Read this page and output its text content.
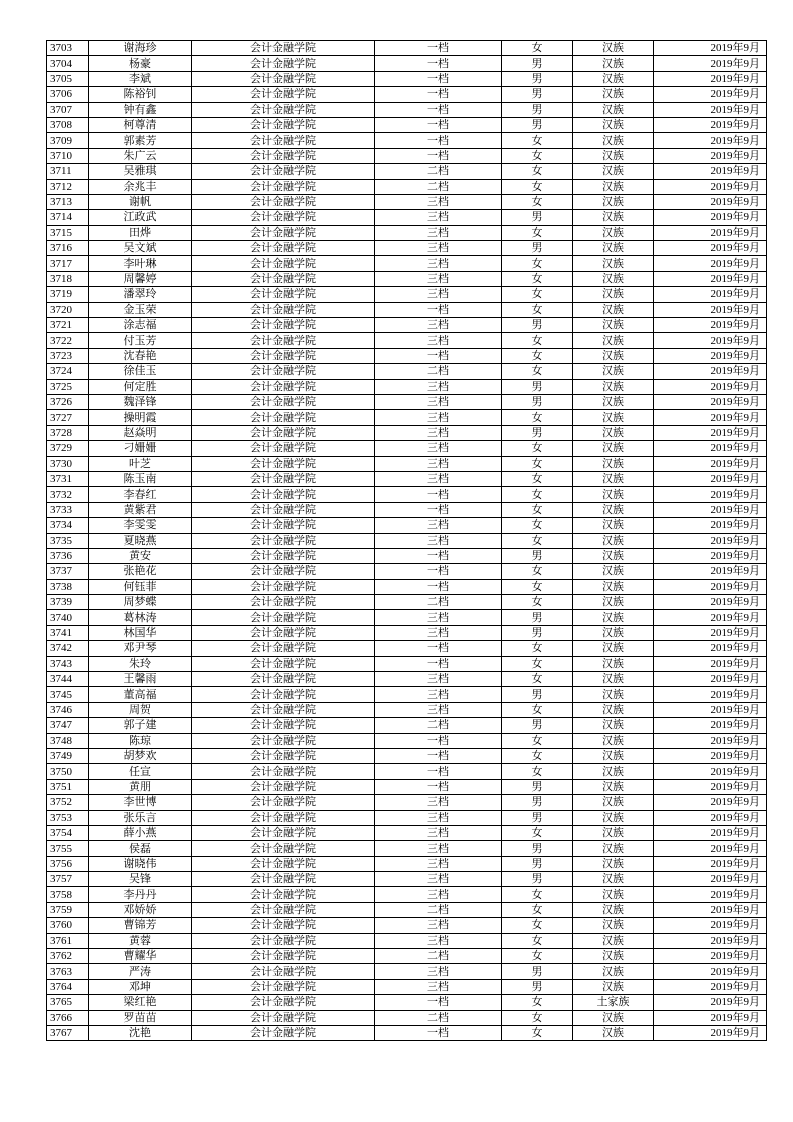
3703	谢海珍	会计金融学院	一档	女	汉族	2019年9月
3704	杨豪	会计金融学院	一档	男	汉族	2019年9月
3705	李斌	会计金融学院	一档	男	汉族	2019年9月
3706	陈裕钊	会计金融学院	一档	男	汉族	2019年9月
3707	钟有鑫	会计金融学院	一档	男	汉族	2019年9月
3708	柯尊清	会计金融学院	一档	男	汉族	2019年9月
3709	郭素芳	会计金融学院	一档	女	汉族	2019年9月
3710	朱广云	会计金融学院	一档	女	汉族	2019年9月
3711	吴雅琪	会计金融学院	二档	女	汉族	2019年9月
3712	余兆丰	会计金融学院	二档	女	汉族	2019年9月
3713	谢帆	会计金融学院	三档	女	汉族	2019年9月
3714	江政武	会计金融学院	三档	男	汉族	2019年9月
3715	田烨	会计金融学院	三档	女	汉族	2019年9月
3716	吴文斌	会计金融学院	三档	男	汉族	2019年9月
3717	李叶琳	会计金融学院	三档	女	汉族	2019年9月
3718	周馨婷	会计金融学院	三档	女	汉族	2019年9月
3719	潘翠玲	会计金融学院	三档	女	汉族	2019年9月
3720	金玉荣	会计金融学院	一档	女	汉族	2019年9月
3721	涂志福	会计金融学院	三档	男	汉族	2019年9月
3722	付玉芳	会计金融学院	三档	女	汉族	2019年9月
3723	沈春艳	会计金融学院	一档	女	汉族	2019年9月
3724	徐佳玉	会计金融学院	二档	女	汉族	2019年9月
3725	何定胜	会计金融学院	三档	男	汉族	2019年9月
3726	魏泽锋	会计金融学院	三档	男	汉族	2019年9月
3727	操明霞	会计金融学院	三档	女	汉族	2019年9月
3728	赵焱明	会计金融学院	三档	男	汉族	2019年9月
3729	刁姗姗	会计金融学院	三档	女	汉族	2019年9月
3730	叶芝	会计金融学院	三档	女	汉族	2019年9月
3731	陈玉南	会计金融学院	三档	女	汉族	2019年9月
3732	李春红	会计金融学院	一档	女	汉族	2019年9月
3733	黄紫君	会计金融学院	一档	女	汉族	2019年9月
3734	李雯雯	会计金融学院	三档	女	汉族	2019年9月
3735	夏晓燕	会计金融学院	三档	女	汉族	2019年9月
3736	黄安	会计金融学院	一档	男	汉族	2019年9月
3737	张艳花	会计金融学院	一档	女	汉族	2019年9月
3738	何钰菲	会计金融学院	一档	女	汉族	2019年9月
3739	周梦蝶	会计金融学院	二档	女	汉族	2019年9月
3740	葛林涛	会计金融学院	三档	男	汉族	2019年9月
3741	林国华	会计金融学院	三档	男	汉族	2019年9月
3742	邓尹琴	会计金融学院	一档	女	汉族	2019年9月
3743	朱玲	会计金融学院	一档	女	汉族	2019年9月
3744	王馨雨	会计金融学院	三档	女	汉族	2019年9月
3745	董高福	会计金融学院	三档	男	汉族	2019年9月
3746	周贺	会计金融学院	三档	女	汉族	2019年9月
3747	郭子建	会计金融学院	二档	男	汉族	2019年9月
3748	陈琼	会计金融学院	一档	女	汉族	2019年9月
3749	胡梦欢	会计金融学院	一档	女	汉族	2019年9月
3750	任宣	会计金融学院	一档	女	汉族	2019年9月
3751	黄朋	会计金融学院	一档	男	汉族	2019年9月
3752	李世博	会计金融学院	三档	男	汉族	2019年9月
3753	张乐言	会计金融学院	三档	男	汉族	2019年9月
3754	薛小燕	会计金融学院	三档	女	汉族	2019年9月
3755	侯磊	会计金融学院	三档	男	汉族	2019年9月
3756	谢晓伟	会计金融学院	三档	男	汉族	2019年9月
3757	吴锋	会计金融学院	三档	男	汉族	2019年9月
3758	李丹丹	会计金融学院	三档	女	汉族	2019年9月
3759	邓娇娇	会计金融学院	二档	女	汉族	2019年9月
3760	曹锦芳	会计金融学院	三档	女	汉族	2019年9月
3761	黄蓉	会计金融学院	三档	女	汉族	2019年9月
3762	曹耀华	会计金融学院	二档	女	汉族	2019年9月
3763	严涛	会计金融学院	三档	男	汉族	2019年9月
3764	邓坤	会计金融学院	三档	男	汉族	2019年9月
3765	梁红艳	会计金融学院	一档	女	土家族	2019年9月
3766	罗苗苗	会计金融学院	二档	女	汉族	2019年9月
3767	沈艳	会计金融学院	一档	女	汉族	2019年9月
